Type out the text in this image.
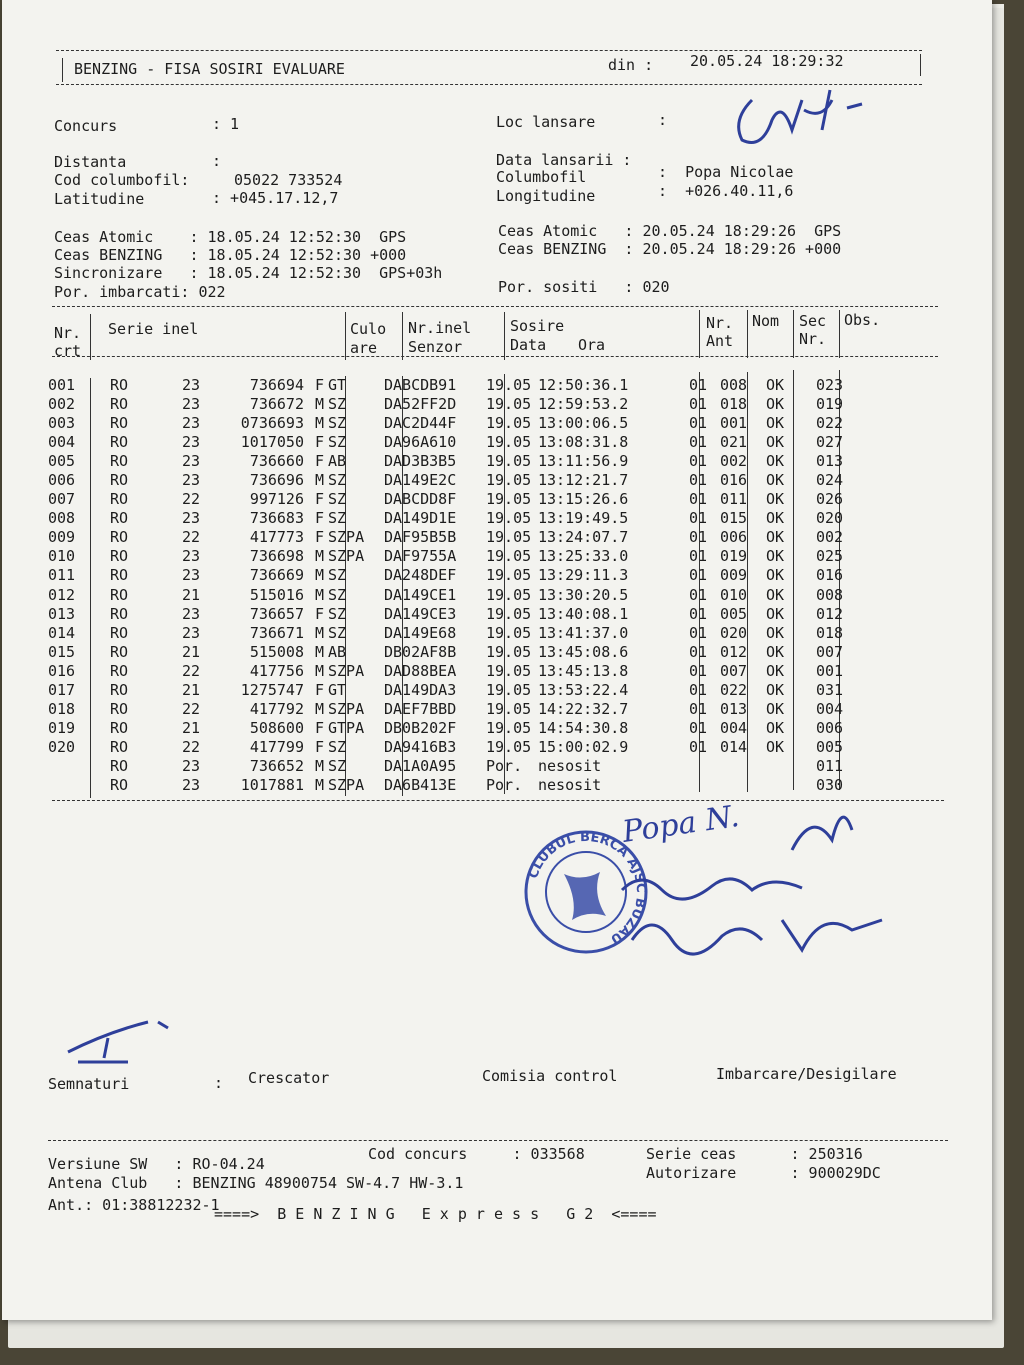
BENZING - FISA SOSIRI EVALUARE	din : 20.05.24 18:29:32
Concurs	: 1	Loc lansare	:
Distanta	:
Cod columbofil:	05022 733524
Latitudine	: +045.17.12,7
Data lansarii :
Columbofil	:  Popa Nicolae
Longitudine	:  +026.40.11,6
Ceas Atomic    : 18.05.24 12:52:30  GPS
Ceas BENZING   : 18.05.24 12:52:30 +000
Sincronizare   : 18.05.24 12:52:30  GPS+03h
Por. imbarcati: 022
Ceas Atomic   : 20.05.24 18:29:26  GPS
Ceas BENZING  : 20.05.24 18:29:26 +000
Por. sositi   : 020
Nr.
crt
Serie inel	Culo
are
Nr.inel
Senzor
Sosire
Data Ora
Nr.
Ant
Nom Sec
Nr.
Obs.
001	RO	23	736694	F	GT	DABCDB91	19.05	12:50:36.1	01	008	OK	023
002	RO	23	736672	M	SZ	DA52FF2D	19.05	12:59:53.2	01	018	OK	019
003	RO	23	0736693	M	SZ	DAC2D44F	19.05	13:00:06.5	01	001	OK	022
004	RO	23	1017050	F	SZ	DA96A610	19.05	13:08:31.8	01	021	OK	027
005	RO	23	736660	F	AB	DAD3B3B5	19.05	13:11:56.9	01	002	OK	013
006	RO	23	736696	M	SZ	DA149E2C	19.05	13:12:21.7	01	016	OK	024
007	RO	22	997126	F	SZ	DABCDD8F	19.05	13:15:26.6	01	011	OK	026
008	RO	23	736683	F	SZ	DA149D1E	19.05	13:19:49.5	01	015	OK	020
009	RO	22	417773	F	SZPA	DAF95B5B	19.05	13:24:07.7	01	006	OK	002
010	RO	23	736698	M	SZPA	DAF9755A	19.05	13:25:33.0	01	019	OK	025
011	RO	23	736669	M	SZ	DA248DEF	19.05	13:29:11.3	01	009	OK	016
012	RO	21	515016	M	SZ	DA149CE1	19.05	13:30:20.5	01	010	OK	008
013	RO	23	736657	F	SZ	DA149CE3	19.05	13:40:08.1	01	005	OK	012
014	RO	23	736671	M	SZ	DA149E68	19.05	13:41:37.0	01	020	OK	018
015	RO	21	515008	M	AB	DB02AF8B	19.05	13:45:08.6	01	012	OK	007
016	RO	22	417756	M	SZPA	DAD88BEA	19.05	13:45:13.8	01	007	OK	001
017	RO	21	1275747	F	GT	DA149DA3	19.05	13:53:22.4	01	022	OK	031
018	RO	22	417792	M	SZPA	DAEF7BBD	19.05	14:22:32.7	01	013	OK	004
019	RO	21	508600	F	GTPA	DB0B202F	19.05	14:54:30.8	01	004	OK	006
020	RO	22	417799	F	SZ	DA9416B3	19.05	15:00:02.9	01	014	OK	005
	RO	23	736652	M	SZ	DA1A0A95	Por.	nesosit				011
	RO	23	1017881	M	SZPA	DA6B413E	Por.	nesosit				030
CLUBUL BERCA AJSC BUZAU
Popa N.
Semnaturi	: Crescator	Comisia control	Imbarcare/Desigilare
Versiune SW   : RO-04.24
Cod concurs     : 033568	Serie ceas      : 250316
Antena Club   : BENZING 48900754 SW-4.7 HW-3.1
Autorizare      : 900029DC
Ant.: 01:38812232-1
====>  B E N Z I N G   E x p r e s s   G 2  <====
